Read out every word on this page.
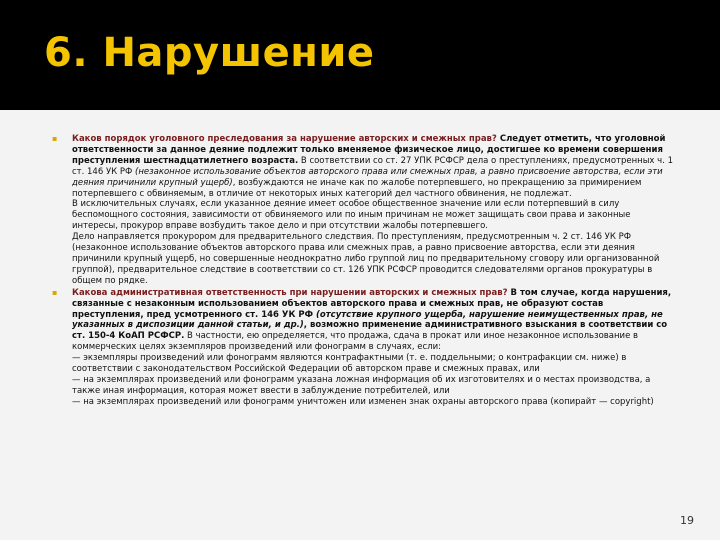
6. Нарушение
▪ Каков порядок уголовного преследования за нарушение авторских и смежных прав? Следует отметить, что уголовной ответственности за данное деяние подлежит только вменяемое физическое лицо, достигшее ко времени совершения преступления шестнадцатилетнего возраста. В соответствии со ст. 27 УПК РСФСР дела о преступлениях, предусмотренных ч. 1 ст. 146 УК РФ (незаконное использование объектов авторского права или смежных прав, а равно присвоение авторства, если эти деяния причинили крупный ущерб), возбуждаются не иначе как по жалобе потерпевшего, но прекращению за примирением потерпевшего с обвиняемым, в отличие от некоторых иных категорий дел частного обвинения, не подлежат.
В исключительных случаях, если указанное деяние имеет особое общественное значение или если потерпевший в силу беспомощного состояния, зависимости от обвиняемого или по иным причинам не может защищать свои права и законные интересы, прокурор вправе возбудить такое дело и при отсутствии жалобы потерпевшего.
Дело направляется прокурором для предварительного следствия. По преступлениям, предусмотренным ч. 2 ст. 146 УК РФ (незаконное использование объектов авторского права или смежных прав, а равно присвоение авторства, если эти деяния причинили крупный ущерб, но совершенные неоднократно либо группой лиц по предварительному сговору или организованной группой), предварительное следствие в соответствии со ст. 126 УПК РСФСР проводится следователями органов прокуратуры в общем по рядке.
▪ Какова административная ответственность при нарушении авторских и смежных прав? В том случае, когда нарушения, связанные с незаконным использованием объектов авторского права и смежных прав, не образуют состав преступления, пред усмотренного ст. 146 УК РФ (отсутствие крупного ущерба, нарушение неимущественных прав, не указанных в диспозиции данной статьи, и др.), возможно применение административного взыскания в соответствии со ст. 150-4 КоАП РСФСР. В частности, ею определяется, что продажа, сдача в прокат или иное незаконное использование в коммерческих целях экземпляров произведений или фонограмм в случаях, если:
— экземпляры произведений или фонограмм являются контрафактными (т. е. поддельными; о контрафакции см. ниже) в соответствии с законодательством Российской Федерации об авторском праве и смежных правах, или
— на экземплярах произведений или фонограмм указана ложная информация об их изготовителях и о местах производства, а также иная информация, которая может ввести в заблуждение потребителей, или
— на экземплярах произведений или фонограмм уничтожен или изменен знак охраны авторского права (копирайт — copyright)
19
